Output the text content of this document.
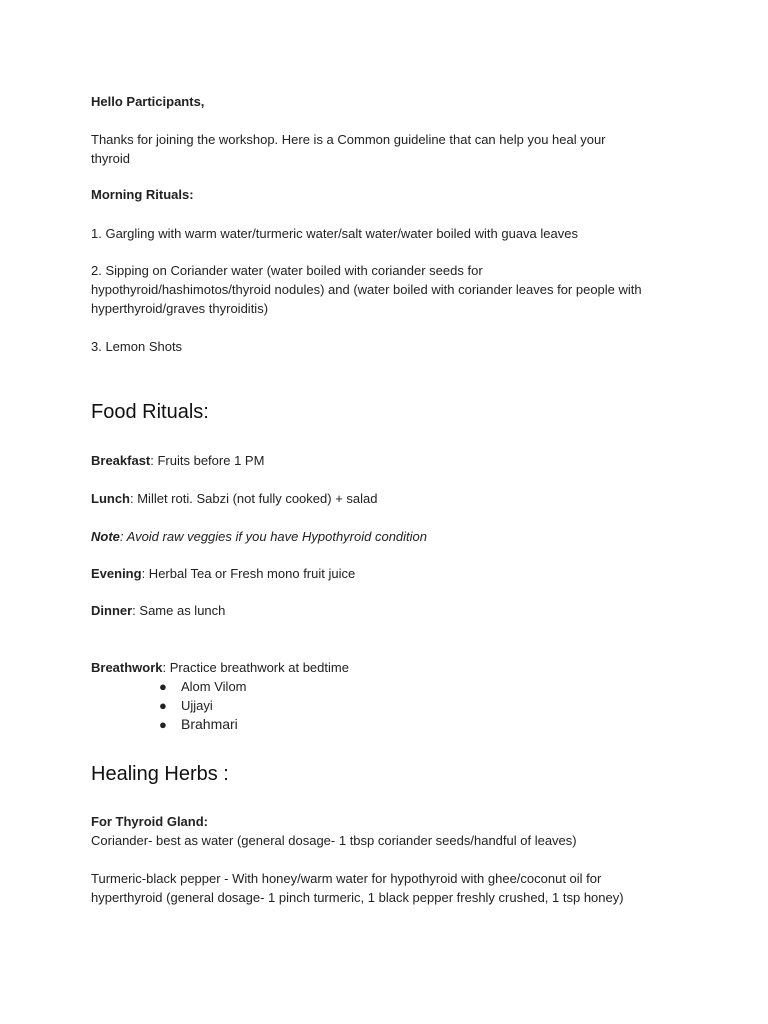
Hello Participants,
Thanks for joining the workshop. Here is a Common guideline that can help you heal your
thyroid
Morning Rituals:
1. Gargling with warm water/turmeric water/salt water/water boiled with guava leaves
2. Sipping on Coriander water (water boiled with coriander seeds for
hypothyroid/hashimotos/thyroid nodules) and (water boiled with coriander leaves for people with
hyperthyroid/graves thyroiditis)
3. Lemon Shots
Food Rituals:
Breakfast: Fruits before 1 PM
Lunch: Millet roti. Sabzi (not fully cooked) + salad
Note: Avoid raw veggies if you have Hypothyroid condition
Evening: Herbal Tea or Fresh mono fruit juice
Dinner: Same as lunch
Breathwork: Practice breathwork at bedtime
● Alom Vilom
● Ujjayi
● Brahmari
Healing Herbs :
For Thyroid Gland:
Coriander- best as water (general dosage- 1 tbsp coriander seeds/handful of leaves)
Turmeric-black pepper - With honey/warm water for hypothyroid with ghee/coconut oil for
hyperthyroid (general dosage- 1 pinch turmeric, 1 black pepper freshly crushed, 1 tsp honey)
